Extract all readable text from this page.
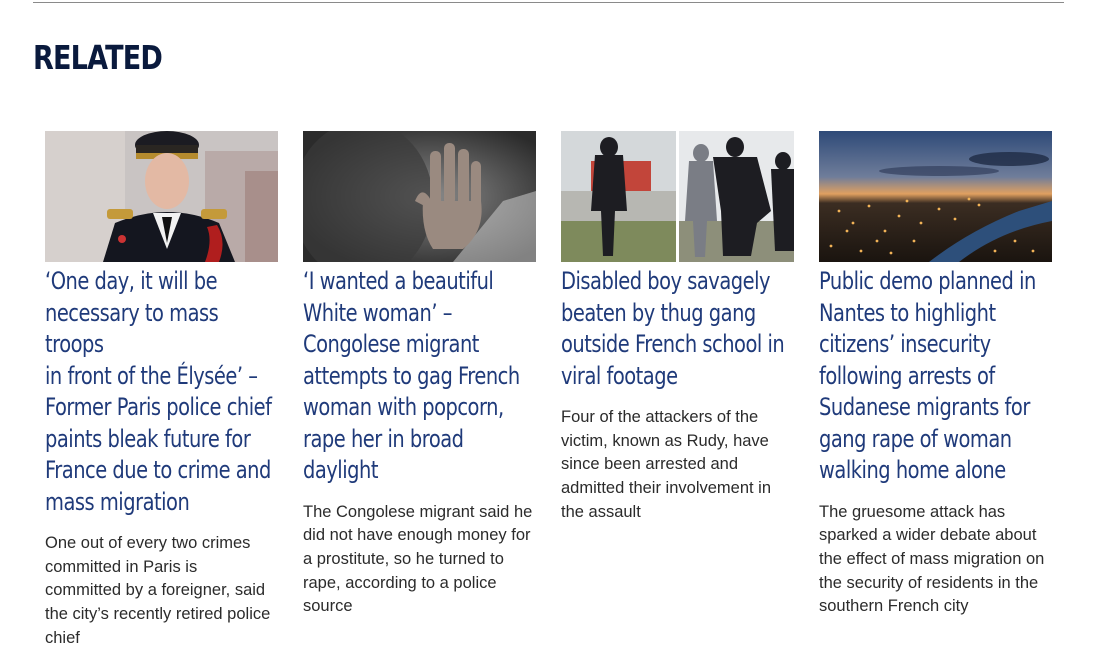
RELATED
‘One day, it will be
necessary to mass troops
in front of the Élysée’ –
Former Paris police chief
paints bleak future for
France due to crime and
mass migration

One out of every two crimes
committed in Paris is
committed by a foreigner, said
the city’s recently retired police
chief

‘I wanted a beautiful
White woman’ –
Congolese migrant
attempts to gag French
woman with popcorn,
rape her in broad daylight

The Congolese migrant said he
did not have enough money for
a prostitute, so he turned to
rape, according to a police
source

Disabled boy savagely
beaten by thug gang
outside French school in
viral footage

Four of the attackers of the
victim, known as Rudy, have
since been arrested and
admitted their involvement in
the assault

Public demo planned in
Nantes to highlight
citizens’ insecurity
following arrests of
Sudanese migrants for
gang rape of woman
walking home alone

The gruesome attack has
sparked a wider debate about
the effect of mass migration on
the security of residents in the
southern French city
